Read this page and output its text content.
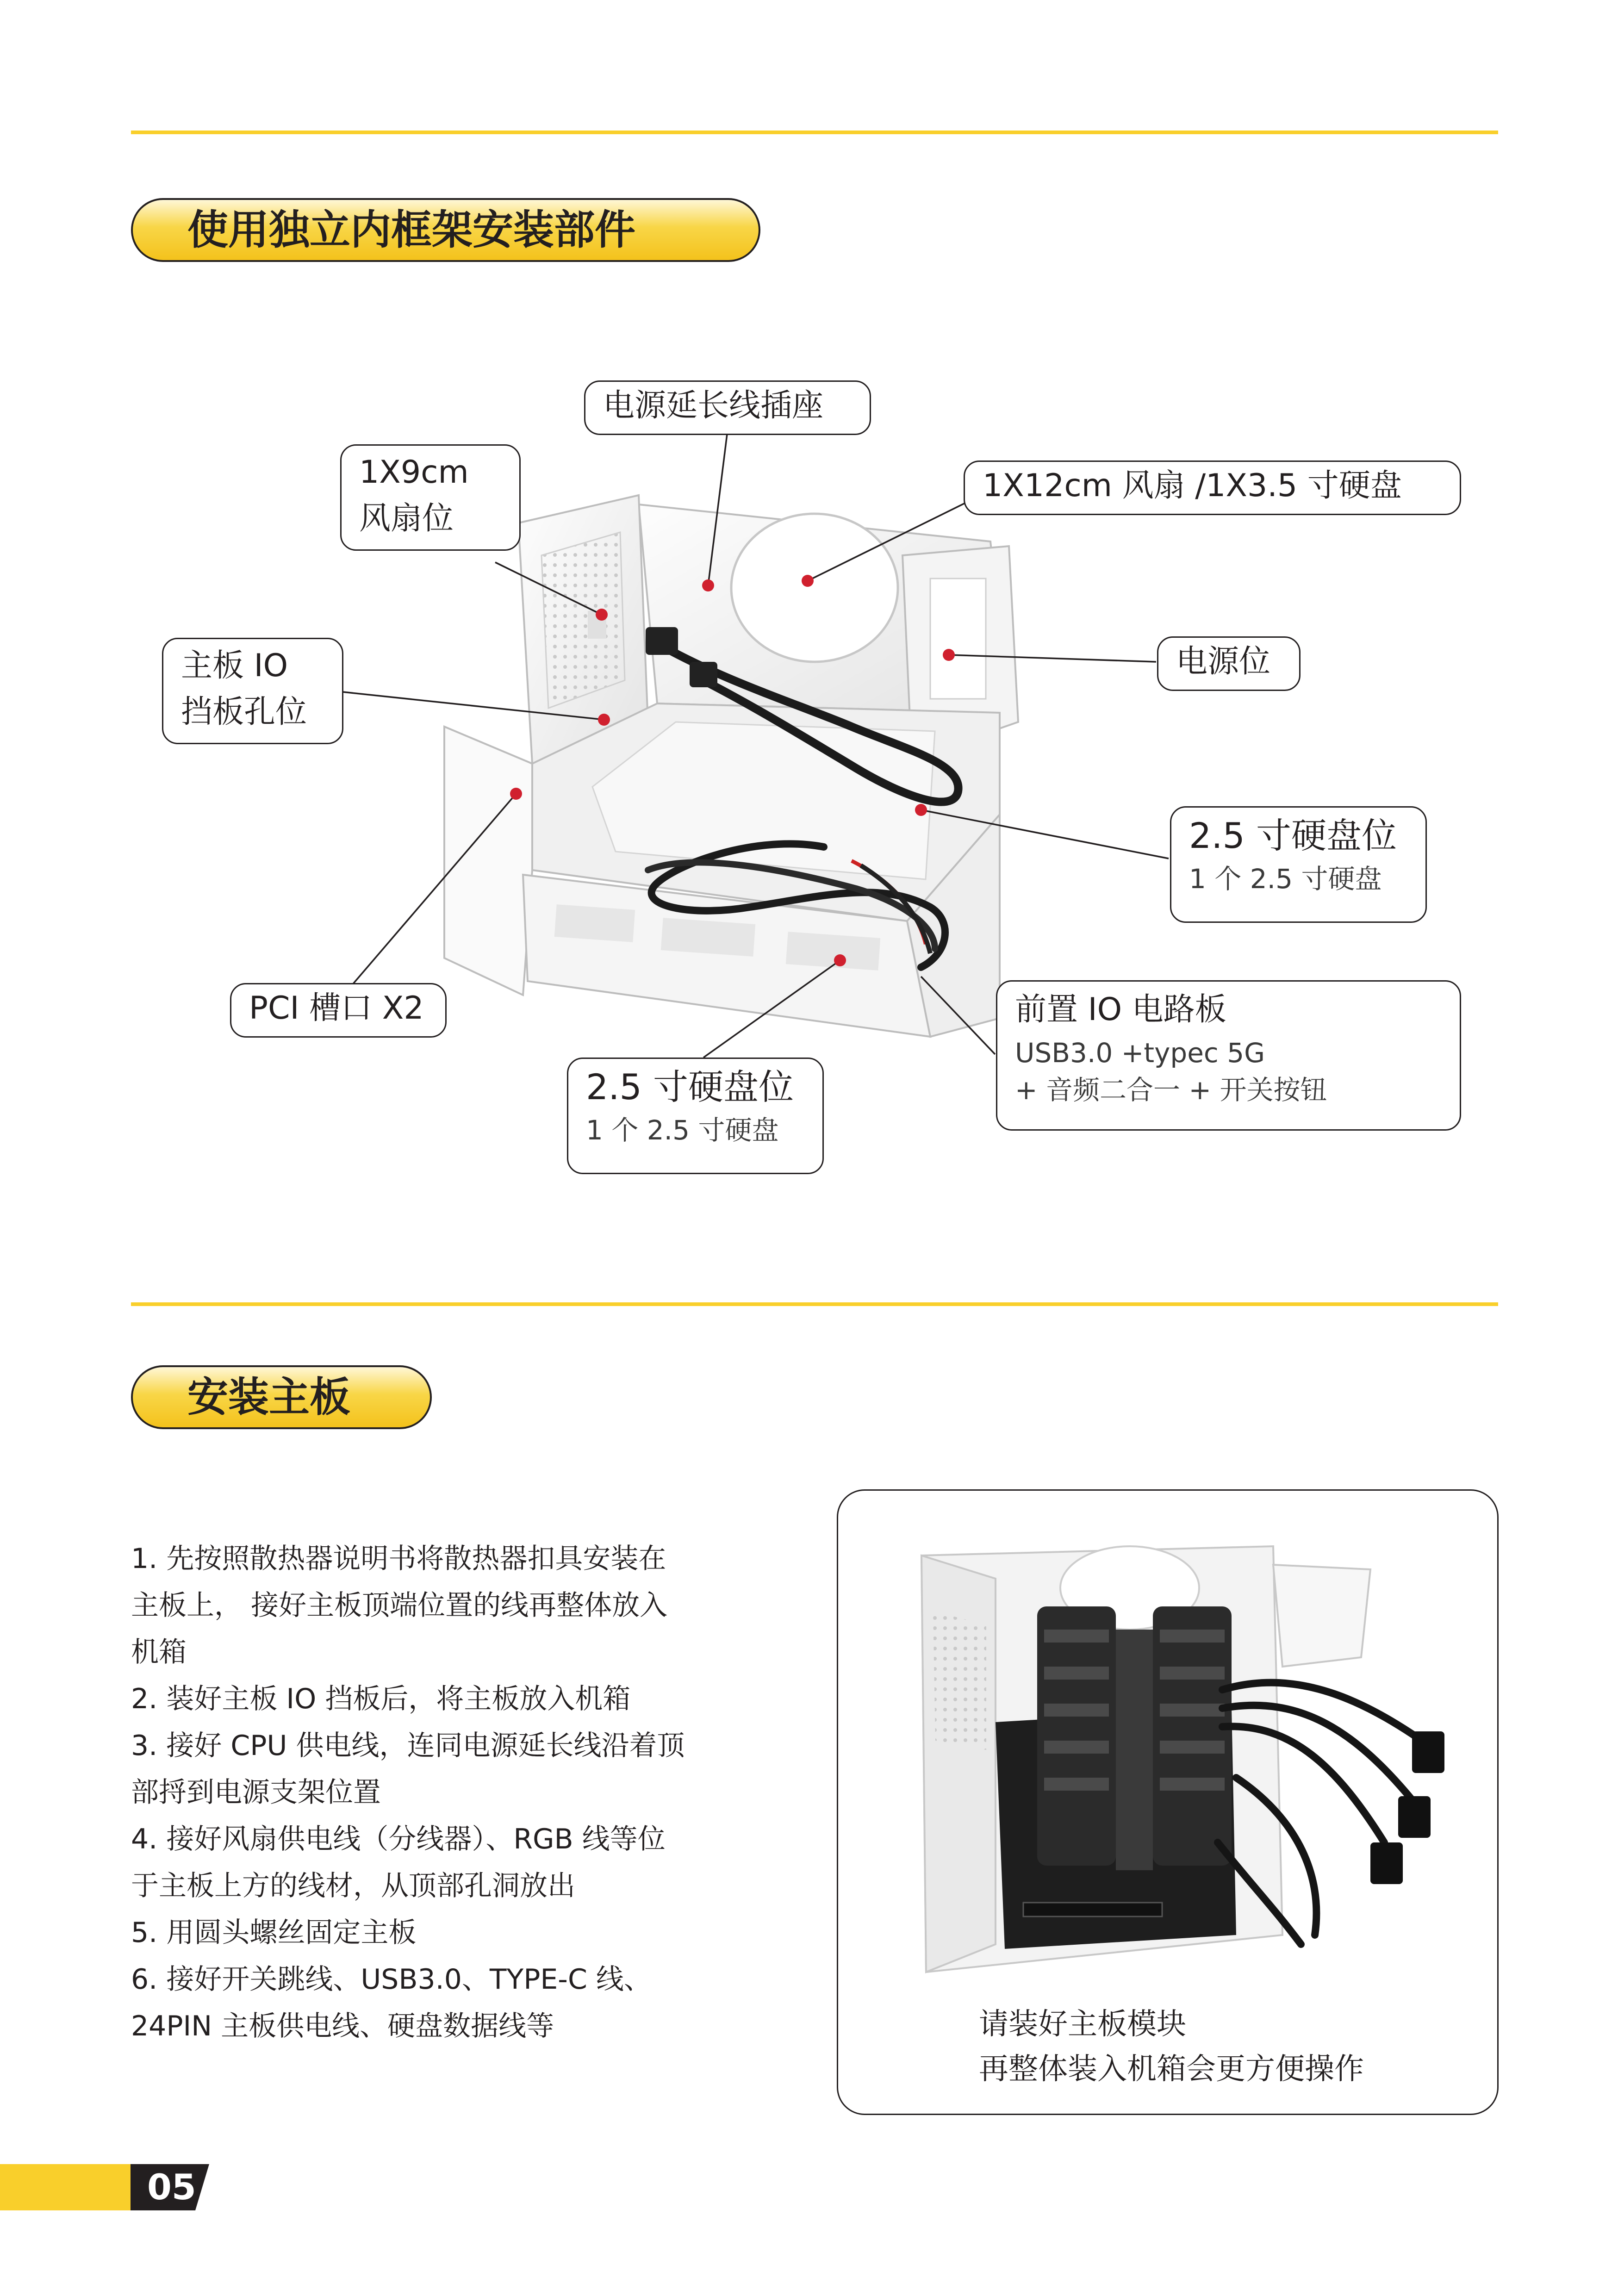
使用独立内框架安装部件
电源延长线插座
1X9cm
风扇位
1X12cm 风扇 /1X3.5 寸硬盘
电源位
主板 IO
挡板孔位
2.5 寸硬盘位
1 个 2.5 寸硬盘
PCI 槽口 X2	前置 IO 电路板
USB3.0 +typec 5G
+ 音频二合一 + 开关按钮
2.5 寸硬盘位
1 个 2.5 寸硬盘
安装主板
1. 先按照散热器说明书将散热器扣具安装在
主板上， 接好主板顶端位置的线再整体放入
机箱
2. 装好主板 IO 挡板后，将主板放入机箱
3. 接好 CPU 供电线，连同电源延长线沿着顶
部捋到电源支架位置
4. 接好风扇供电线（分线器）、RGB 线等位
于主板上方的线材，从顶部孔洞放出
5. 用圆头螺丝固定主板
6. 接好开关跳线、USB3.0、TYPE-C 线、
24PIN 主板供电线、硬盘数据线等	请装好主板模块
再整体装入机箱会更方便操作
05
